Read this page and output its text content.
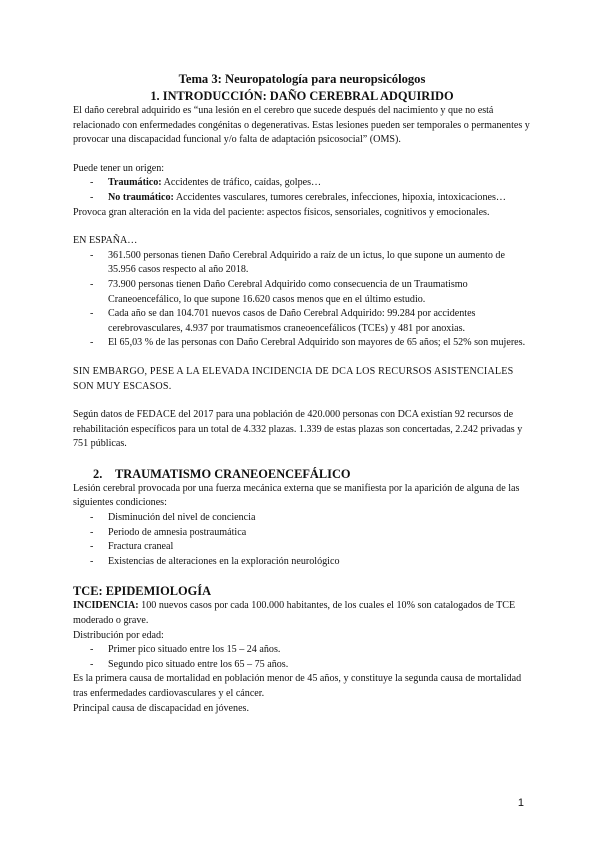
Tema 3: Neuropatología para neuropsicólogos
1. INTRODUCCIÓN: DAÑO CEREBRAL ADQUIRIDO

El daño cerebral adquirido es “una lesión en el cerebro que sucede después del nacimiento y que no está relacionado con enfermedades congénitas o degenerativas. Estas lesiones pueden ser temporales o permanentes y provocar una discapacidad funcional y/o falta de adaptación psicosocial” (OMS).

Puede tener un origen:

- Traumático: Accidentes de tráfico, caídas, golpes…
- No traumático: Accidentes vasculares, tumores cerebrales, infecciones, hipoxia, intoxicaciones…

Provoca gran alteración en la vida del paciente: aspectos físicos, sensoriales, cognitivos y emocionales.

EN ESPAÑA…

- 361.500 personas tienen Daño Cerebral Adquirido a raíz de un ictus, lo que supone un aumento de 35.956 casos respecto al año 2018.
- 73.900 personas tienen Daño Cerebral Adquirido como consecuencia de un Traumatismo Craneoencefálico, lo que supone 16.620 casos menos que en el último estudio.
- Cada año se dan 104.701 nuevos casos de Daño Cerebral Adquirido: 99.284 por accidentes cerebrovasculares, 4.937 por traumatismos craneoencefálicos (TCEs) y 481 por anoxias.
- El 65,03 % de las personas con Daño Cerebral Adquirido son mayores de 65 años; el 52% son mujeres.

SIN EMBARGO, PESE A LA ELEVADA INCIDENCIA DE DCA LOS RECURSOS ASISTENCIALES SON MUY ESCASOS.

Según datos de FEDACE del 2017 para una población de 420.000 personas con DCA existían 92 recursos de rehabilitación específicos para un total de 4.332 plazas. 1.339 de estas plazas son concertadas, 2.242 privadas y 751 públicas.

2. TRAUMATISMO CRANEOENCEFÁLICO

Lesión cerebral provocada por una fuerza mecánica externa que se manifiesta por la aparición de alguna de las siguientes condiciones:

- Disminución del nivel de conciencia
- Periodo de amnesia postraumática
- Fractura craneal
- Existencias de alteraciones en la exploración neurológico
TCE: EPIDEMIOLOGÍA

INCIDENCIA: 100 nuevos casos por cada 100.000 habitantes, de los cuales el 10% son catalogados de TCE moderado o grave.

Distribución por edad:

- Primer pico situado entre los 15 – 24 años.
- Segundo pico situado entre los 65 – 75 años.

Es la primera causa de mortalidad en población menor de 45 años, y constituye la segunda causa de mortalidad tras enfermedades cardiovasculares y el cáncer.

Principal causa de discapacidad en jóvenes.

1
